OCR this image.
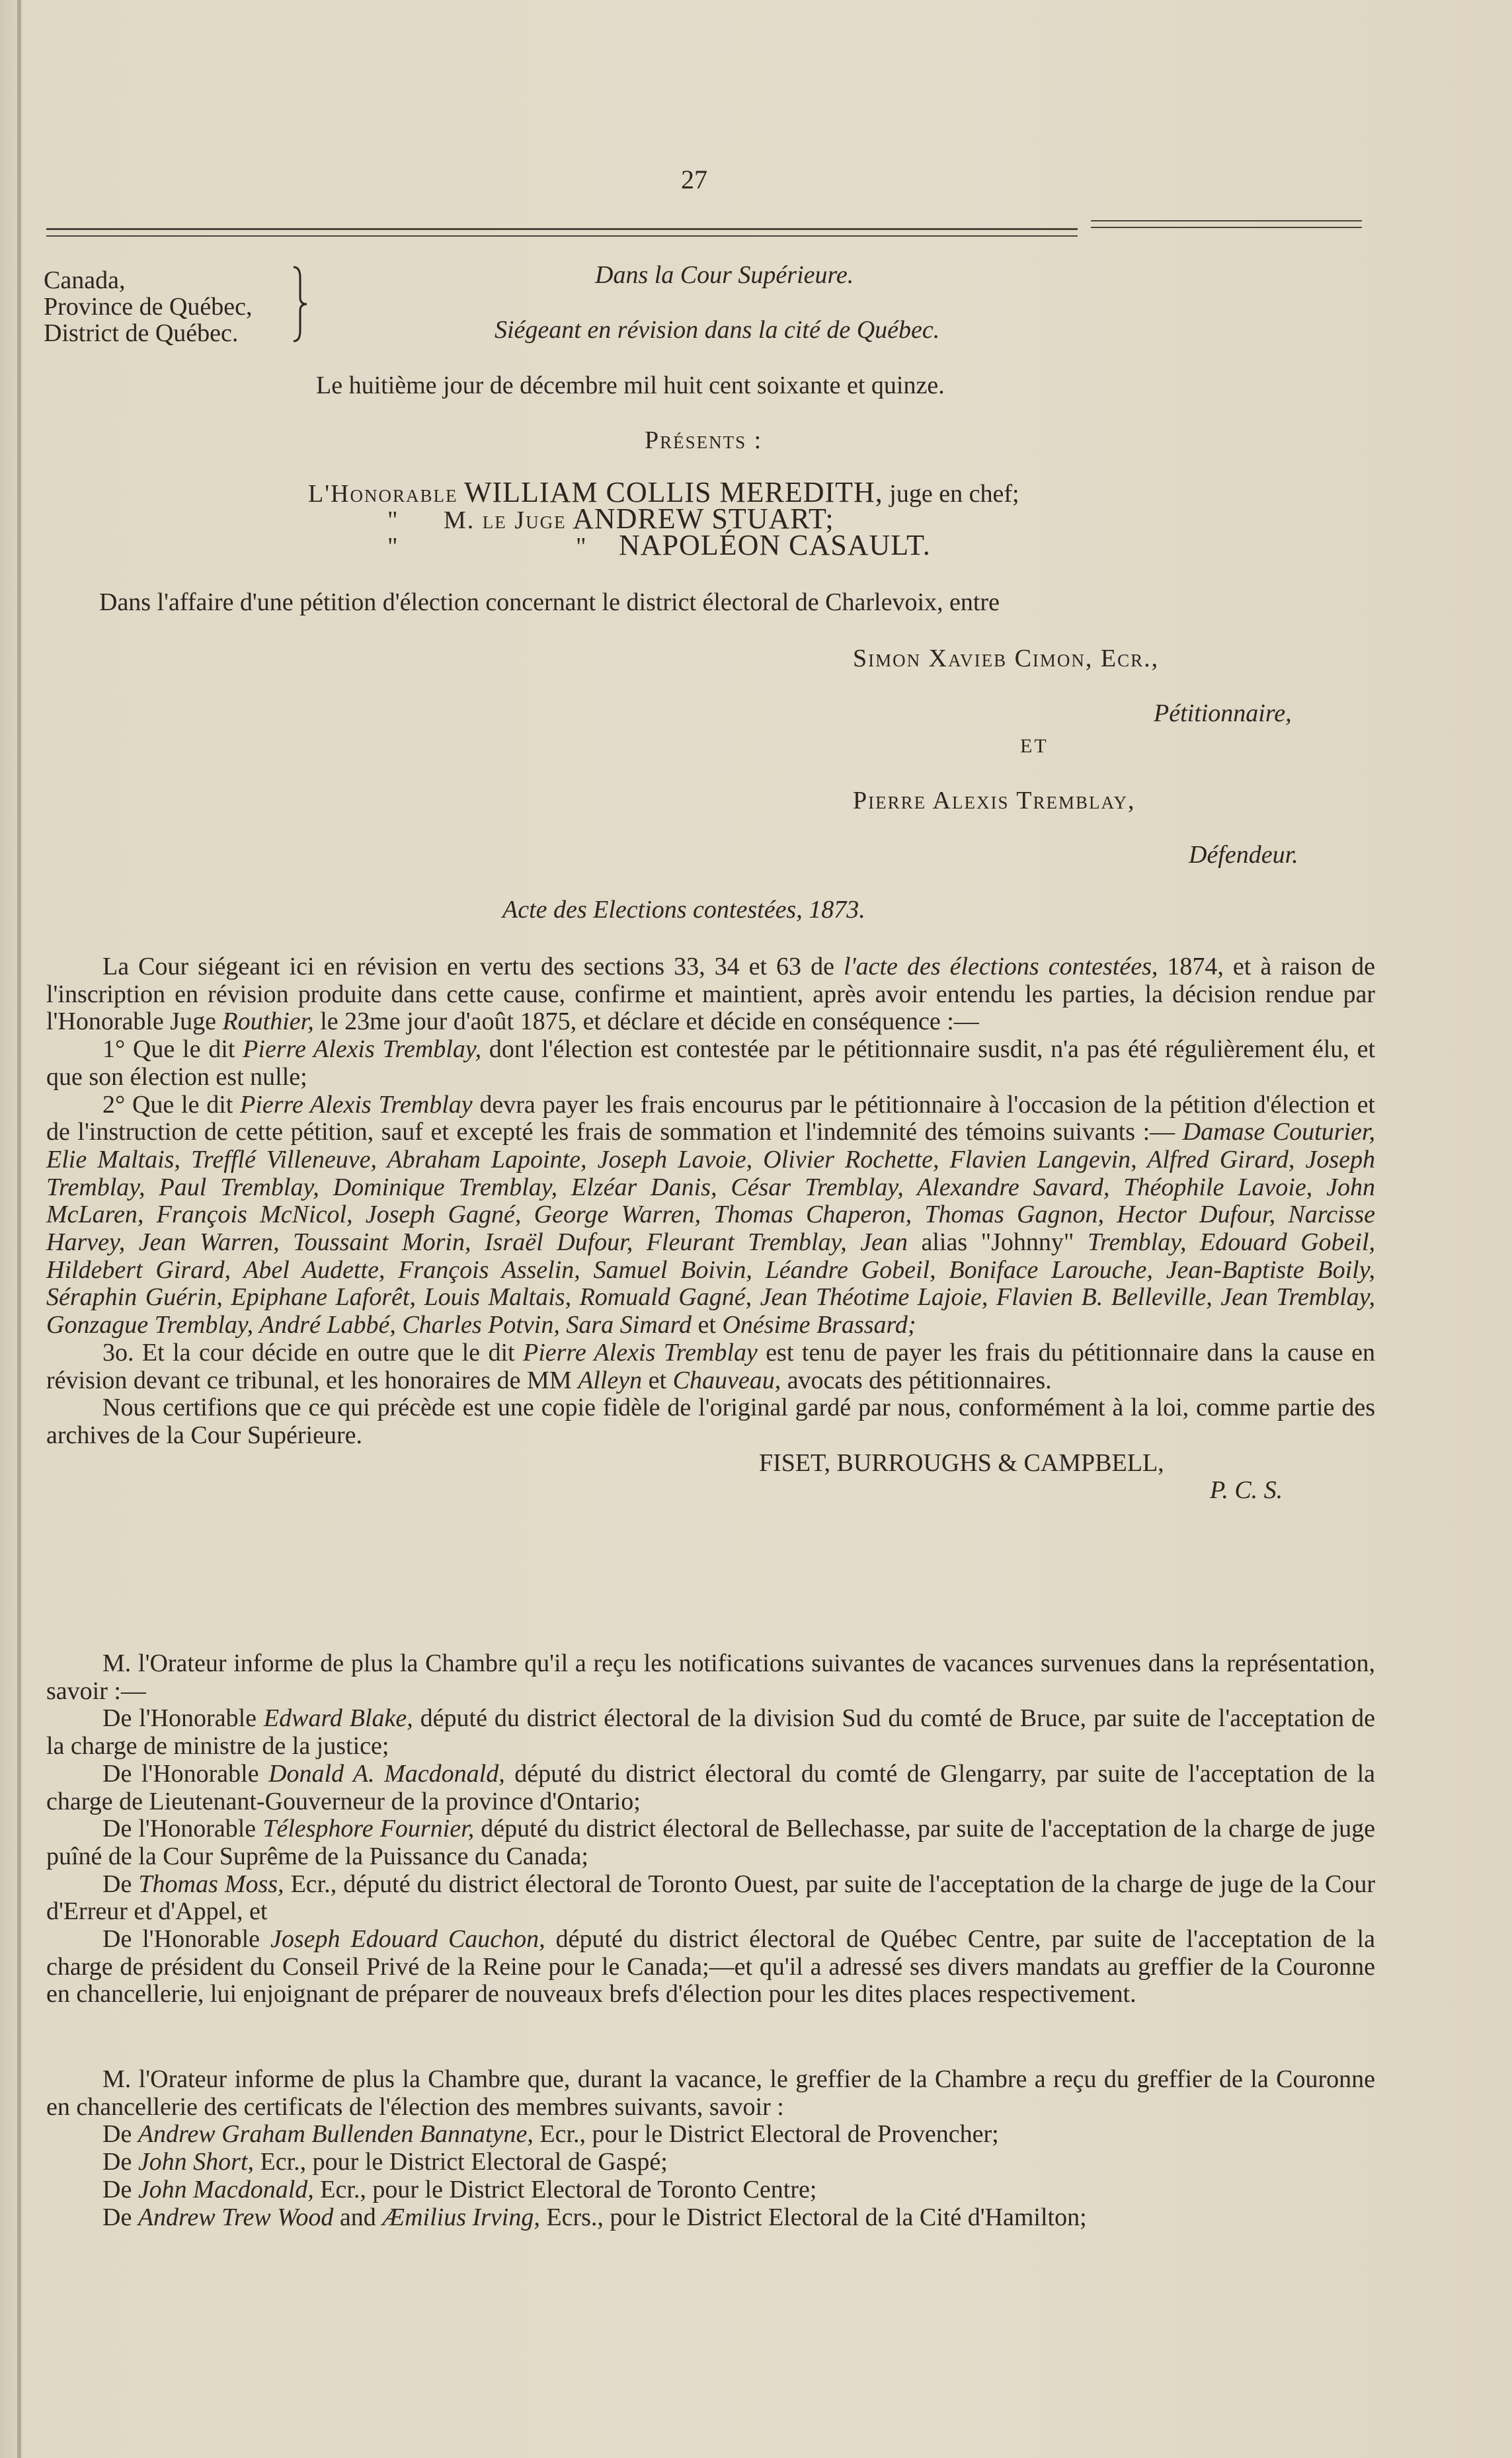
27
Canada,
Province de Québec,
District de Québec.
Dans la Cour Supérieure.
Siégeant en révision dans la cité de Québec.
Le huitième jour de décembre mil huit cent soixante et quinze.
Présents :
L'Honorable WILLIAM COLLIS MEREDITH, juge en chef;
" M. le Juge ANDREW STUART;
"	" NAPOLÉON CASAULT.
Dans l'affaire d'une pétition d'élection concernant le district électoral de Charlevoix, entre
Simon Xavieb Cimon, Ecr.,
Pétitionnaire,
ET
Pierre Alexis Tremblay,
Défendeur.
Acte des Elections contestées, 1873.

La Cour siégeant ici en révision en vertu des sections 33, 34 et 63 de l'acte des élections contestées, 1874, et à raison de l'inscription en révision produite dans cette cause, confirme et maintient, après avoir entendu les parties, la décision rendue par l'Honorable Juge Routhier, le 23me jour d'août 1875, et déclare et décide en conséquence :—

1° Que le dit Pierre Alexis Tremblay, dont l'élection est contestée par le pétitionnaire susdit, n'a pas été régulièrement élu, et que son élection est nulle;

2° Que le dit Pierre Alexis Tremblay devra payer les frais encourus par le pétitionnaire à l'occasion de la pétition d'élection et de l'instruction de cette pétition, sauf et excepté les frais de sommation et l'indemnité des témoins suivants :— Damase Couturier, Elie Maltais, Trefflé Villeneuve, Abraham Lapointe, Joseph Lavoie, Olivier Rochette, Flavien Langevin, Alfred Girard, Joseph Tremblay, Paul Tremblay, Dominique Tremblay, Elzéar Danis, César Tremblay, Alexandre Savard, Théophile Lavoie, John McLaren, François McNicol, Joseph Gagné, George Warren, Thomas Chaperon, Thomas Gagnon, Hector Dufour, Narcisse Harvey, Jean Warren, Toussaint Morin, Israël Dufour, Fleurant Tremblay, Jean alias "Johnny" Tremblay, Edouard Gobeil, Hildebert Girard, Abel Audette, François Asselin, Samuel Boivin, Léandre Gobeil, Boniface Larouche, Jean-Baptiste Boily, Séraphin Guérin, Epiphane Laforêt, Louis Maltais, Romuald Gagné, Jean Théotime Lajoie, Flavien B. Belleville, Jean Tremblay, Gonzague Tremblay, André Labbé, Charles Potvin, Sara Simard et Onésime Brassard;

3o. Et la cour décide en outre que le dit Pierre Alexis Tremblay est tenu de payer les frais du pétitionnaire dans la cause en révision devant ce tribunal, et les honoraires de MM Alleyn et Chauveau, avocats des pétitionnaires.

Nous certifions que ce qui précède est une copie fidèle de l'original gardé par nous, conformément à la loi, comme partie des archives de la Cour Supérieure.

FISET, BURROUGHS & CAMPBELL,

P. C. S.

M. l'Orateur informe de plus la Chambre qu'il a reçu les notifications suivantes de vacances survenues dans la représentation, savoir :—

De l'Honorable Edward Blake, député du district électoral de la division Sud du comté de Bruce, par suite de l'acceptation de la charge de ministre de la justice;

De l'Honorable Donald A. Macdonald, député du district électoral du comté de Glengarry, par suite de l'acceptation de la charge de Lieutenant-Gouverneur de la province d'Ontario;

De l'Honorable Télesphore Fournier, député du district électoral de Bellechasse, par suite de l'acceptation de la charge de juge puîné de la Cour Suprême de la Puissance du Canada;

De Thomas Moss, Ecr., député du district électoral de Toronto Ouest, par suite de l'acceptation de la charge de juge de la Cour d'Erreur et d'Appel, et

De l'Honorable Joseph Edouard Cauchon, député du district électoral de Québec Centre, par suite de l'acceptation de la charge de président du Conseil Privé de la Reine pour le Canada;—et qu'il a adressé ses divers mandats au greffier de la Couronne en chancellerie, lui enjoignant de préparer de nouveaux brefs d'élection pour les dites places respectivement.

M. l'Orateur informe de plus la Chambre que, durant la vacance, le greffier de la Chambre a reçu du greffier de la Couronne en chancellerie des certificats de l'élection des membres suivants, savoir :

De Andrew Graham Bullenden Bannatyne, Ecr., pour le District Electoral de Provencher;

De John Short, Ecr., pour le District Electoral de Gaspé;

De John Macdonald, Ecr., pour le District Electoral de Toronto Centre;

De Andrew Trew Wood and Æmilius Irving, Ecrs., pour le District Electoral de la Cité d'Hamilton;
